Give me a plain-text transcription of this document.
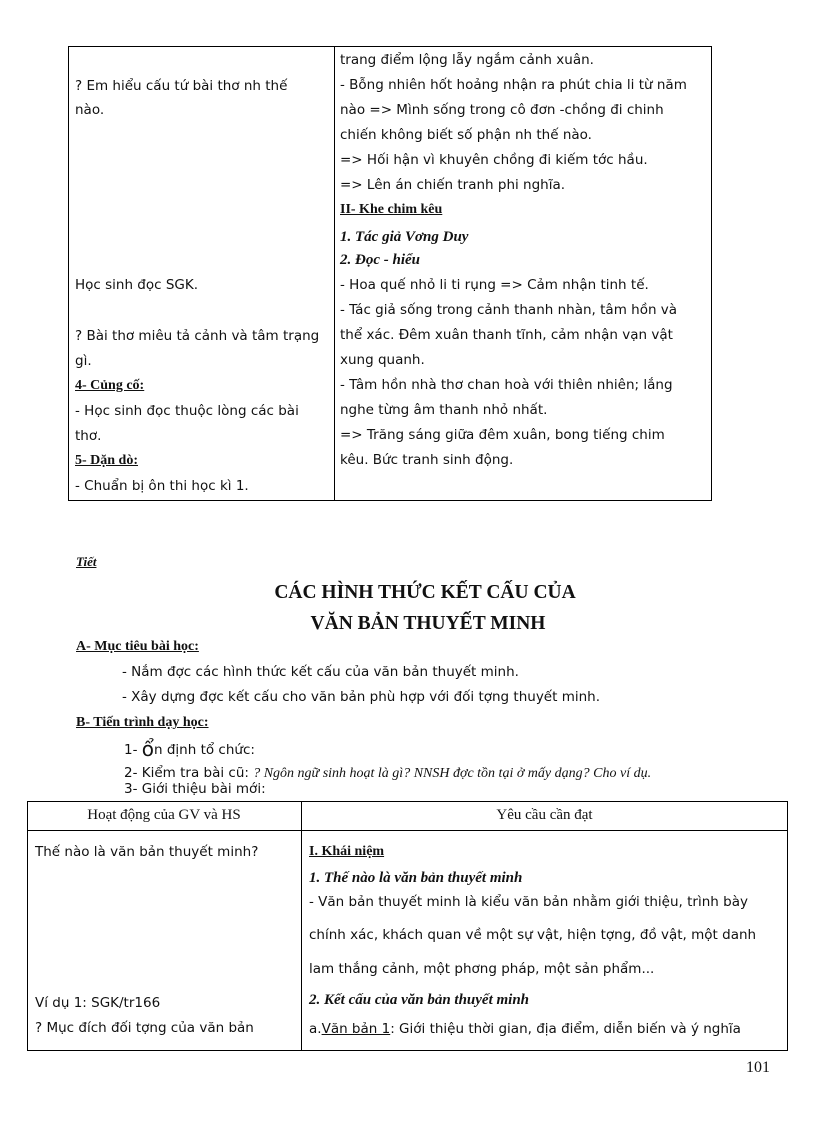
? Em hiểu cấu tứ bài thơ nh thế
nào.
Học sinh đọc SGK.
? Bài thơ miêu tả cảnh và tâm trạng
gì.
4- Củng cố:
- Học sinh đọc thuộc lòng các bài
thơ.
5- Dặn dò:
- Chuẩn bị ôn thi học kì 1.
trang điểm lộng lẫy ngắm cảnh xuân.
- Bỗng nhiên hốt hoảng nhận ra phút chia li từ năm
nào => Mình sống trong cô đơn -chồng đi chinh
chiến không biết số phận nh thế nào.
=> Hối hận vì khuyên chồng đi kiếm tớc hầu.
=> Lên án chiến tranh phi nghĩa.
II- Khe chim kêu
1. Tác giả Vơng Duy
2. Đọc - hiểu
- Hoa quế nhỏ li ti rụng => Cảm nhận tinh tế.
- Tác giả sống trong cảnh thanh nhàn, tâm hồn và
thể xác. Đêm xuân thanh tĩnh, cảm nhận vạn vật
xung quanh.
- Tâm hồn nhà thơ chan hoà với thiên nhiên; lắng
nghe từng âm thanh nhỏ nhất.
=> Trăng sáng giữa đêm xuân, bong tiếng chim
kêu. Bức tranh sinh động.
Tiết
CÁC HÌNH THỨC KẾT CẤU CỦA
VĂN BẢN THUYẾT MINH
A- Mục tiêu bài học:
- Nắm đợc các hình thức kết cấu của văn bản thuyết minh.
- Xây dựng đợc kết cấu cho văn bản phù hợp với đối tợng thuyết minh.
B- Tiến trình dạy học:
1- ổn định tổ chức:
2- Kiểm tra bài cũ: ? Ngôn ngữ sinh hoạt là gì? NNSH đợc tồn tại ở mấy dạng? Cho ví dụ.
3- Giới thiệu bài mới:
Hoạt động của GV và HS	Yêu cầu cần đạt
Thế nào là văn bản thuyết minh?
Ví dụ 1: SGK/tr166
? Mục đích đối tợng của văn bản
I. Khái niệm
1. Thế nào là văn bản thuyết minh
- Văn bản thuyết minh là kiểu văn bản nhằm giới thiệu, trình bày
chính xác, khách quan về một sự vật, hiện tợng, đồ vật, một danh
lam thắng cảnh, một phơng pháp, một sản phẩm...
2. Kết cấu của văn bản thuyết minh
a.Văn bản 1: Giới thiệu thời gian, địa điểm, diễn biến và ý nghĩa
101
